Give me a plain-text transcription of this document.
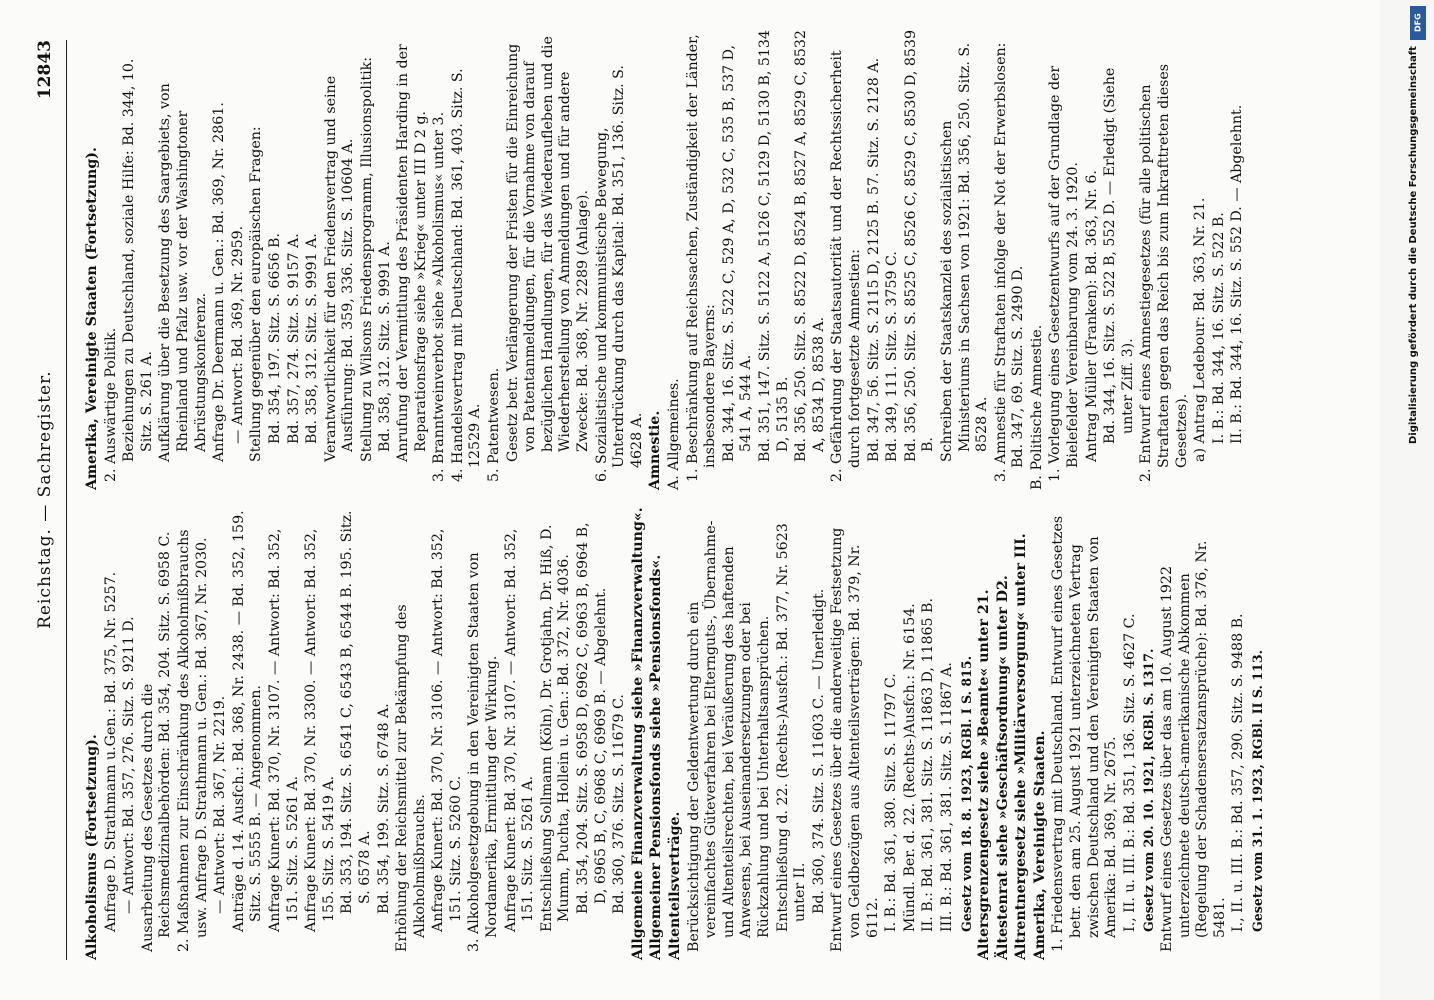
Reichstag. — Sachregister.
12843
Alkoholismus (Fortsetzung). Anfrage D. Strathmann u.Gen.: Bd. 375, Nr. 5257. — Antwort: Bd. 357, 276. Sitz. S. 9211 D. Ausarbeitung des Gesetzes durch die Reichsmedizinalbehörden: Bd. 354, 204. Sitz. S. 6958 C. 2. Maßnahmen zur Einschränkung des Alkoholmißbrauchs usw. Anfrage D. Strathmann u. Gen.: Bd. 367, Nr. 2030. — Antwort: Bd. 367, Nr. 2219. Anträge d. 14. Ausfch.: Bd. 368, Nr. 2438. — Bd. 352, 159. Sitz. S. 5555 B. — Angenommen. Anfrage Kunert: Bd. 370, Nr. 3107. — Antwort: Bd. 352, 151. Sitz. S. 5261 A. Anfrage Kunert: Bd. 370, Nr. 3300. — Antwort: Bd. 352, 155. Sitz. S. 5419 A. Bd. 353, 194. Sitz. S. 6541 C, 6543 B, 6544 B. 195. Sitz. S. 6578 A. Bd. 354, 199. Sitz. S. 6748 A. Erhöhung der Reichsmittel zur Bekämpfung des Alkoholmißbrauchs. Anfrage Kunert: Bd. 370, Nr. 3106. — Antwort: Bd. 352, 151. Sitz. S. 5260 C. 3. Alkoholgesetzgebung in den Vereinigten Staaten von Nordamerika, Ermittlung der Wirkung. Anfrage Kunert: Bd. 370, Nr. 3107. — Antwort: Bd. 352, 151. Sitz. S. 5261 A. Entschließung Sollmann (Köln), Dr. Grotjahn, Dr. Hiß, D. Mumm, Puchta, Hollein u. Gen.: Bd. 372, Nr. 4036. Bd. 354, 204. Sitz. S. 6958 D, 6962 C, 6963 B, 6964 B, D, 6965 B, C, 6968 C, 6969 B. — Abgelehnt. Bd. 360, 376. Sitz. S. 11679 C. Allgemeine Finanzverwaltung siehe »Finanzverwaltung«. Allgemeiner Pensionsfonds siehe »Pensionsfonds«. Altenteilsverträge. Berücksichtigung der Geldentwertung durch ein vereinfachtes Güteverfahren bei Elternguts-, Übernahme- und Altenteilsrechten, bei Veräußerung des haftenden Anwesens, bei Auseinandersetzungen oder bei Rückzahlung und bei Unterhaltsansprüchen. Entschließung d. 22. (Rechts-)Ausfch.: Bd. 377, Nr. 5623 unter II. Bd. 360, 374. Sitz. S. 11603 C. — Unerledigt. Entwurf eines Gesetzes über die anderweitige Festsetzung von Geldbezügen aus Altenteilsverträgen: Bd. 379, Nr. 6112. I. B.: Bd. 361, 380. Sitz. S. 11797 C. Mündl. Ber. d. 22. (Rechts-)Ausfch.: Nr. 6154. II. B.: Bd. 361, 381. Sitz. S. 11863 D, 11865 B. III. B.: Bd. 361, 381. Sitz. S. 11867 A. Gesetz vom 18. 8. 1923, RGBl. I S. 815. Altersgrenzengesetz siehe »Beamte« unter 21. Ältestenrat siehe »Geschäftsordnung« unter D2. Altrentnergesetz siehe »Militärversorgung« unter III. Amerika, Vereinigte Staaten. 1. Friedensvertrag mit Deutschland. Entwurf eines Gesetzes betr. den am 25. August 1921 unterzeichneten Vertrag zwischen Deutschland und den Vereinigten Staaten von Amerika: Bd. 369, Nr. 2675. I., II. u. III. B.: Bd. 351, 136. Sitz. S. 4627 C. Gesetz vom 20. 10. 1921, RGBl. S. 1317. Entwurf eines Gesetzes über das am 10. August 1922 unterzeichnete deutsch-amerikanische Abkommen (Regelung der Schadensersatzansprüche): Bd. 376, Nr. 5481. I., II. u. III. B.: Bd. 357, 290. Sitz. S. 9488 B. Gesetz vom 31. 1. 1923, RGBl. II S. 113.
Amerika, Vereinigte Staaten (Fortsetzung). 2. Auswärtige Politik. Beziehungen zu Deutschland, soziale Hilfe: Bd. 344, 10. Sitz. S. 261 A. Aufklärung über die Besetzung des Saargebiets, von Rheinland und Pfalz usw. vor der Washingtoner Abrüstungskonferenz. Anfrage Dr. Deermann u. Gen.: Bd. 369, Nr. 2861. — Antwort: Bd. 369, Nr. 2959. Stellung gegenüber den europäischen Fragen: Bd. 354, 197. Sitz. S. 6656 B. Bd. 357, 274. Sitz. S. 9157 A. Bd. 358, 312. Sitz. S. 9991 A. Verantwortlichkeit für den Friedensvertrag und seine Ausführung: Bd. 359, 336. Sitz. S. 10604 A. Stellung zu Wilsons Friedensprogramm, Illusionspolitik: Bd. 358, 312. Sitz. S. 9991 A. Anrufung der Vermittlung des Präsidenten Harding in der Reparationsfrage siehe »Krieg« unter III D 2 g. 3. Branntweinverbot siehe »Alkoholismus« unter 3. 4. Handelsvertrag mit Deutschland: Bd. 361, 403. Sitz. S. 12529 A. 5. Patentwesen. Gesetz betr. Verlängerung der Fristen für die Einreichung von Patentanmeldungen, für die Vornahme von darauf bezüglichen Handlungen, für das Wiederaufleben und die Wiederherstellung von Anmeldungen und für andere Zwecke: Bd. 368, Nr. 2289 (Anlage). 6. Sozialistische und kommunistische Bewegung, Unterdrückung durch das Kapital: Bd. 351, 136. Sitz. S. 4628 A. Amnestie. A. Allgemeines. 1. Beschränkung auf Reichssachen, Zuständigkeit der Länder, insbesondere Bayerns: Bd. 344, 16. Sitz. S. 522 C, 529 A, D, 532 C, 535 B, 537 D, 541 A, 544 A. Bd. 351, 147. Sitz. S. 5122 A, 5126 C, 5129 D, 5130 B, 5134 D, 5135 B. Bd. 356, 250. Sitz. S. 8522 D, 8524 B, 8527 A, 8529 C, 8532 A, 8534 D, 8538 A. 2. Gefährdung der Staatsautorität und der Rechtssicherheit durch fortgesetzte Amnestien: Bd. 347, 56. Sitz. S. 2115 D, 2125 B. 57. Sitz. S. 2128 A. Bd. 349, 111. Sitz. S. 3759 C. Bd. 356, 250. Sitz. S. 8525 C, 8526 C, 8529 C, 8530 D, 8539 B. Schreiben der Staatskanzlei des sozialistischen Ministeriums in Sachsen von 1921: Bd. 356, 250. Sitz. S. 8528 A. 3. Amnestie für Straftaten infolge der Not der Erwerbslosen: Bd. 347, 69. Sitz. S. 2490 D. B. Politische Amnestie. 1. Vorlegung eines Gesetzentwurfs auf der Grundlage der Bielefelder Vereinbarung vom 24. 3. 1920. Antrag Müller (Franken): Bd. 363, Nr. 6. Bd. 344, 16. Sitz. S. 522 B, 552 D. — Erledigt (Siehe unter Ziff. 3). 2. Entwurf eines Amnestiegesetzes (für alle politischen Straftaten gegen das Reich bis zum Inkrafttreten dieses Gesetzes). a) Antrag Ledebour: Bd. 363, Nr. 21. I. B.: Bd. 344, 16. Sitz. S. 522 B. II. B.: Bd. 344, 16. Sitz. S. 552 D. — Abgelehnt.
DFG
Digitalisierung gefördert durch die Deutsche Forschungsgemeinschaft
